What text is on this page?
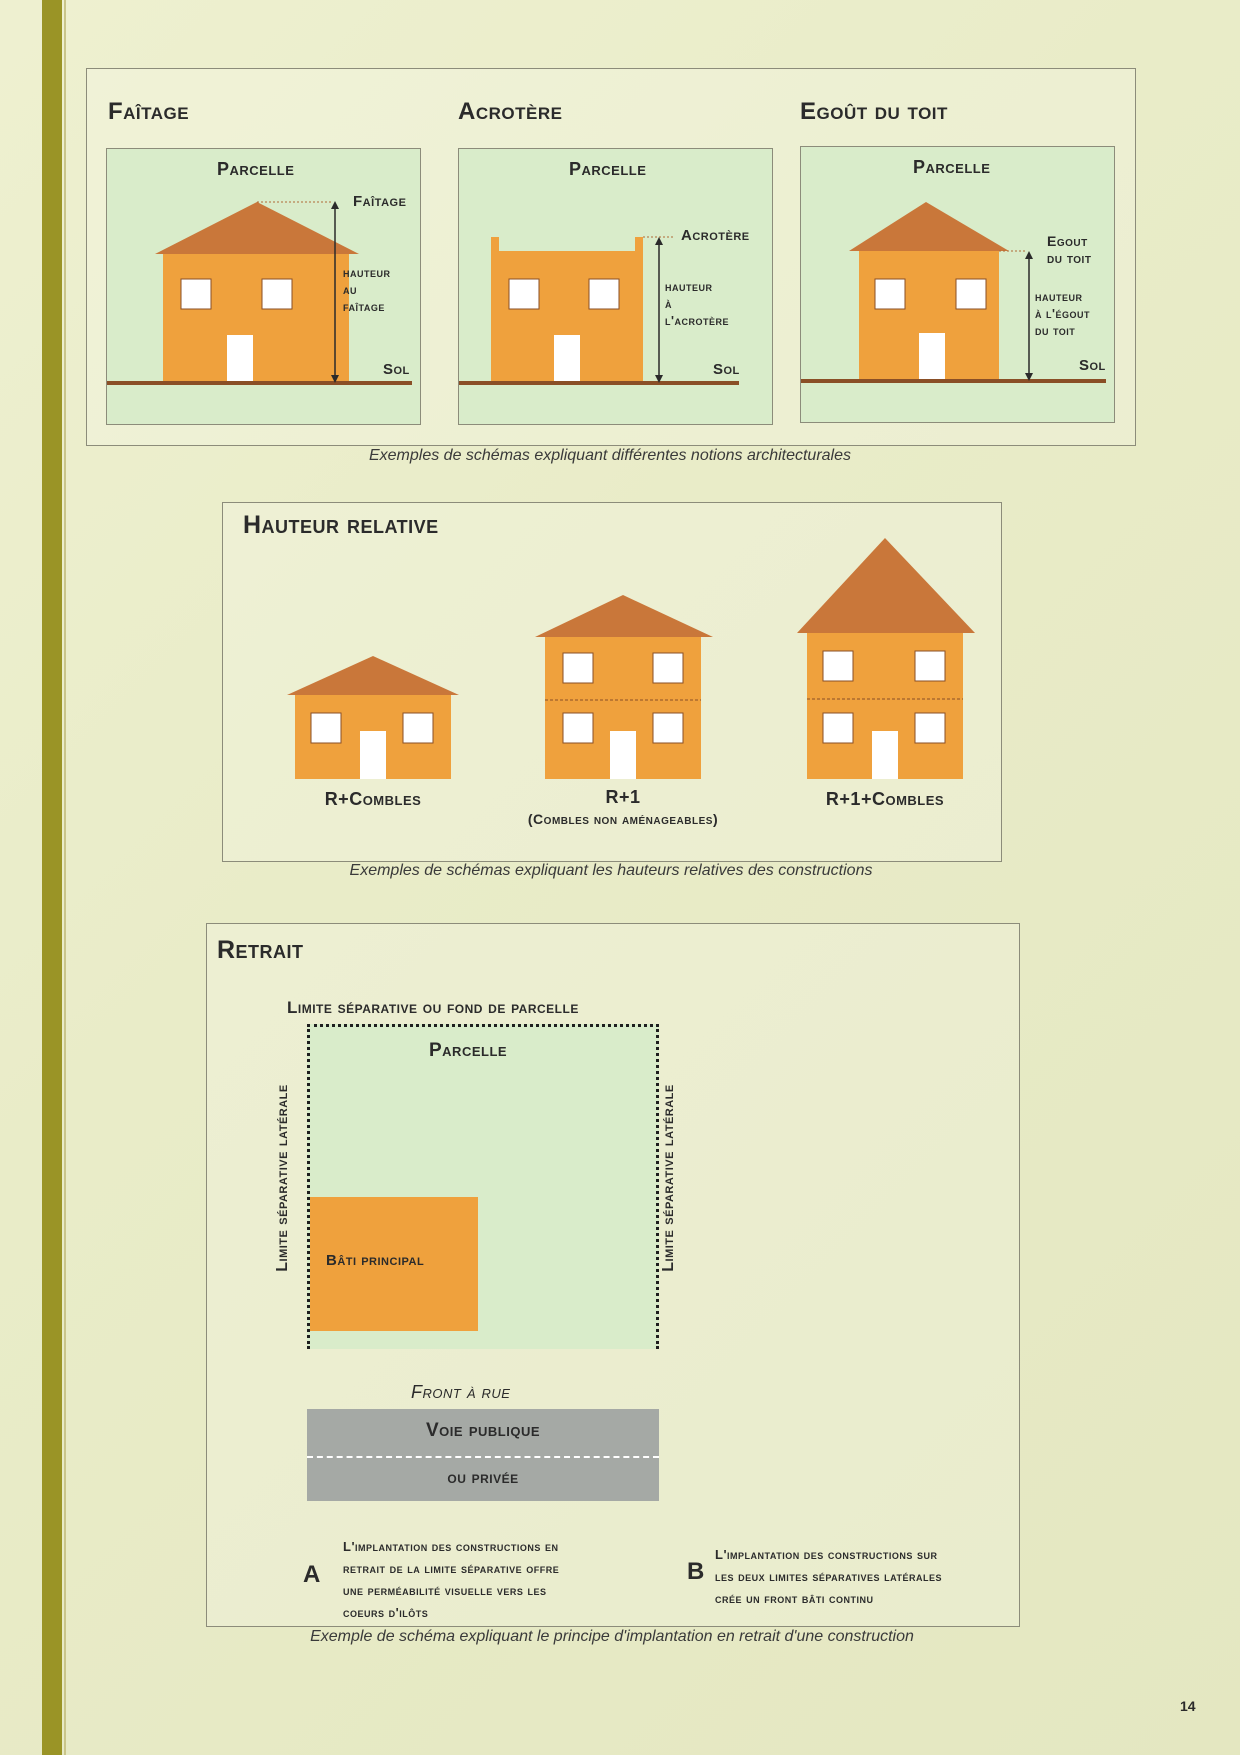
Faîtage	Acrotère	Egoût du toit
Parcelle
Faîtage
hauteur
au
faîtage
Sol
Parcelle
Acrotère
hauteur
à
l'acrotère
Sol
Parcelle
Egout
du toit
hauteur
à l'égout
du toit
Sol
Exemples de schémas expliquant différentes notions architecturales
Hauteur relative
R+Combles	R+1
(Combles non aménageables)
R+1+Combles
Exemples de schémas expliquant les hauteurs relatives des constructions
Retrait
Limite séparative ou fond de parcelle
Parcelle
Limite séparative latérale	Limite séparative latérale
Bâti principal
Front à rue
Voie publique
ou privée
A
L'implantation des constructions en
retrait de la limite séparative offre
une perméabilité visuelle vers les
coeurs d'ilôts
B
L'implantation des constructions sur
les deux limites séparatives latérales
crée un front bâti continu
Exemple de schéma expliquant le principe d'implantation en retrait d'une construction
14
